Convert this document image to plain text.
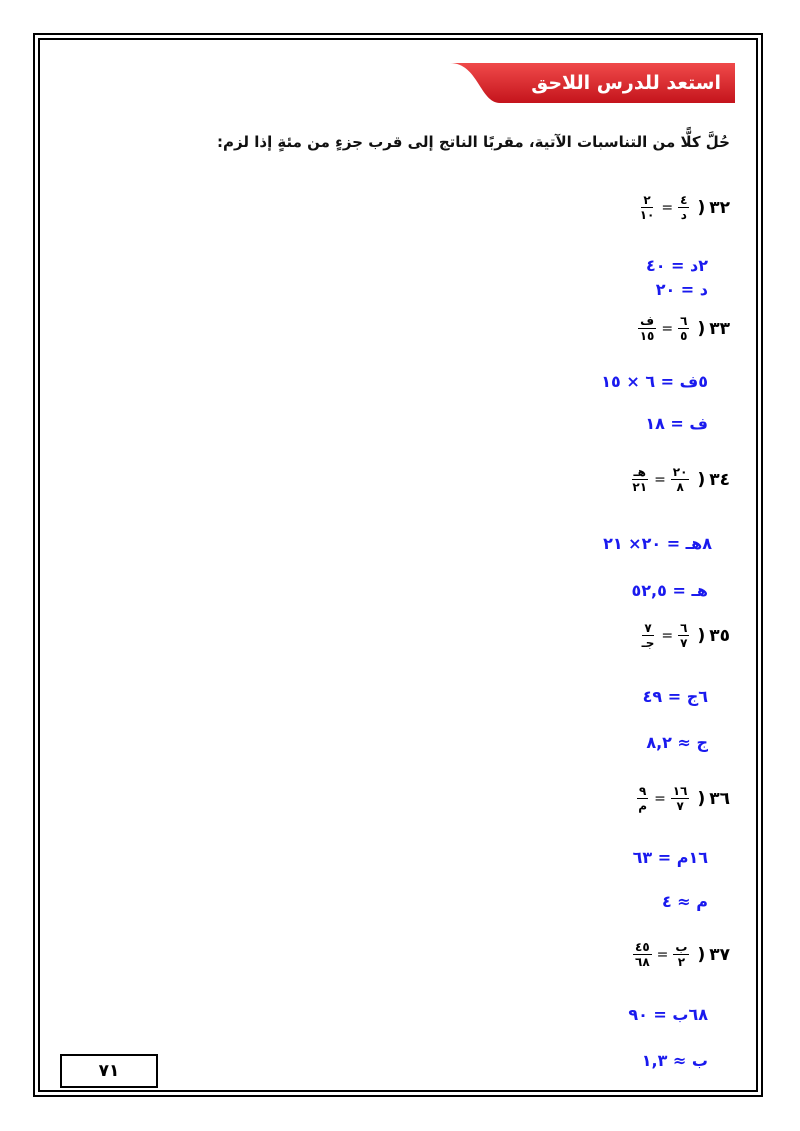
استعد للدرس اللاحق
حُلَّ كلًّا من التناسبات الآتية، مقربًا الناتج إلى قرب جزءٍ من مئةٍ إذا لزم:
٣٢
(
$\frac{٤}{\text{د}}$
=
$\frac{٢}{١٠}$
٢د = ٤٠
د = ٢٠
٣٣
(
$\frac{٦}{٥}$
=
$\frac{\text{ف}}{١٥}$
٥ف = ٦ × ١٥
ف = ١٨
٣٤
(
$\frac{٢٠}{٨}$
=
$\frac{\text{هـ}}{٢١}$
٨هـ = ٢٠× ٢١
هـ = ٥٢,٥
٣٥
(
$\frac{٦}{٧}$
=
$\frac{٧}{\text{جـ}}$
٦ج = ٤٩
ج ≈ ٨,٢
٣٦
(
$\frac{١٦}{٧}$
=
$\frac{٩}{\text{م}}$
١٦م = ٦٣
م ≈ ٤
٣٧
(
$\frac{\text{ب}}{٢}$
=
$\frac{٤٥}{٦٨}$
٦٨ب = ٩٠
ب ≈ ١,٣
٧١
